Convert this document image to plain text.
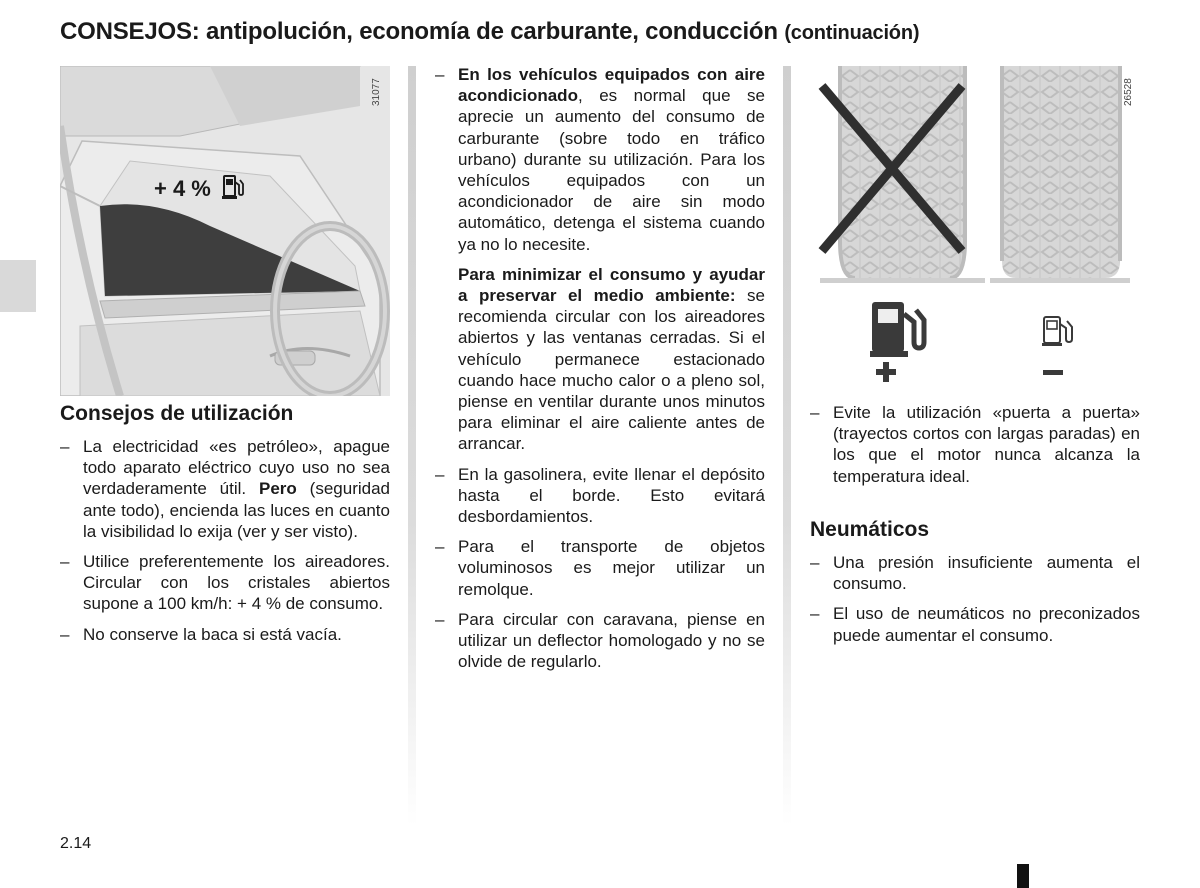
CONSEJOS: antipolución, economía de carburante, conducción (continuación)
+ 4 %
31077
Consejos de utilización
– La electricidad «es petróleo», apague todo aparato eléctrico cuyo uso no sea verdaderamente útil. Pero (seguridad ante todo), encienda las luces en cuanto la visibilidad lo exija (ver y ser visto).
– Utilice preferentemente los aireadores. Circular con los cristales abiertos supone a 100 km/h: + 4 % de consumo.
– No conserve la baca si está vacía.

– En los vehículos equipados con aire acondicionado, es normal que se aprecie un aumento del consumo de carburante (sobre todo en tráfico urbano) durante su utilización. Para los vehículos equipados con un acondicionador de aire sin modo automático, detenga el sistema cuando ya no lo necesite.

Para minimizar el consumo y ayudar a preservar el medio ambiente: se recomienda circular con los aireadores abiertos y las ventanas cerradas. Si el vehículo permanece estacionado cuando hace mucho calor o a pleno sol, piense en ventilar durante unos minutos para eliminar el aire caliente antes de arrancar.

– En la gasolinera, evite llenar el depósito hasta el borde. Esto evitará desbordamientos.
– Para el transporte de objetos voluminosos es mejor utilizar un remolque.
– Para circular con caravana, piense en utilizar un deflector homologado y no se olvide de regularlo.
26528
– Evite la utilización «puerta a puerta» (trayectos cortos con largas paradas) en los que el motor nunca alcanza la temperatura ideal.
Neumáticos
– Una presión insuficiente aumenta el consumo.
– El uso de neumáticos no preconizados puede aumentar el consumo.
2.14
